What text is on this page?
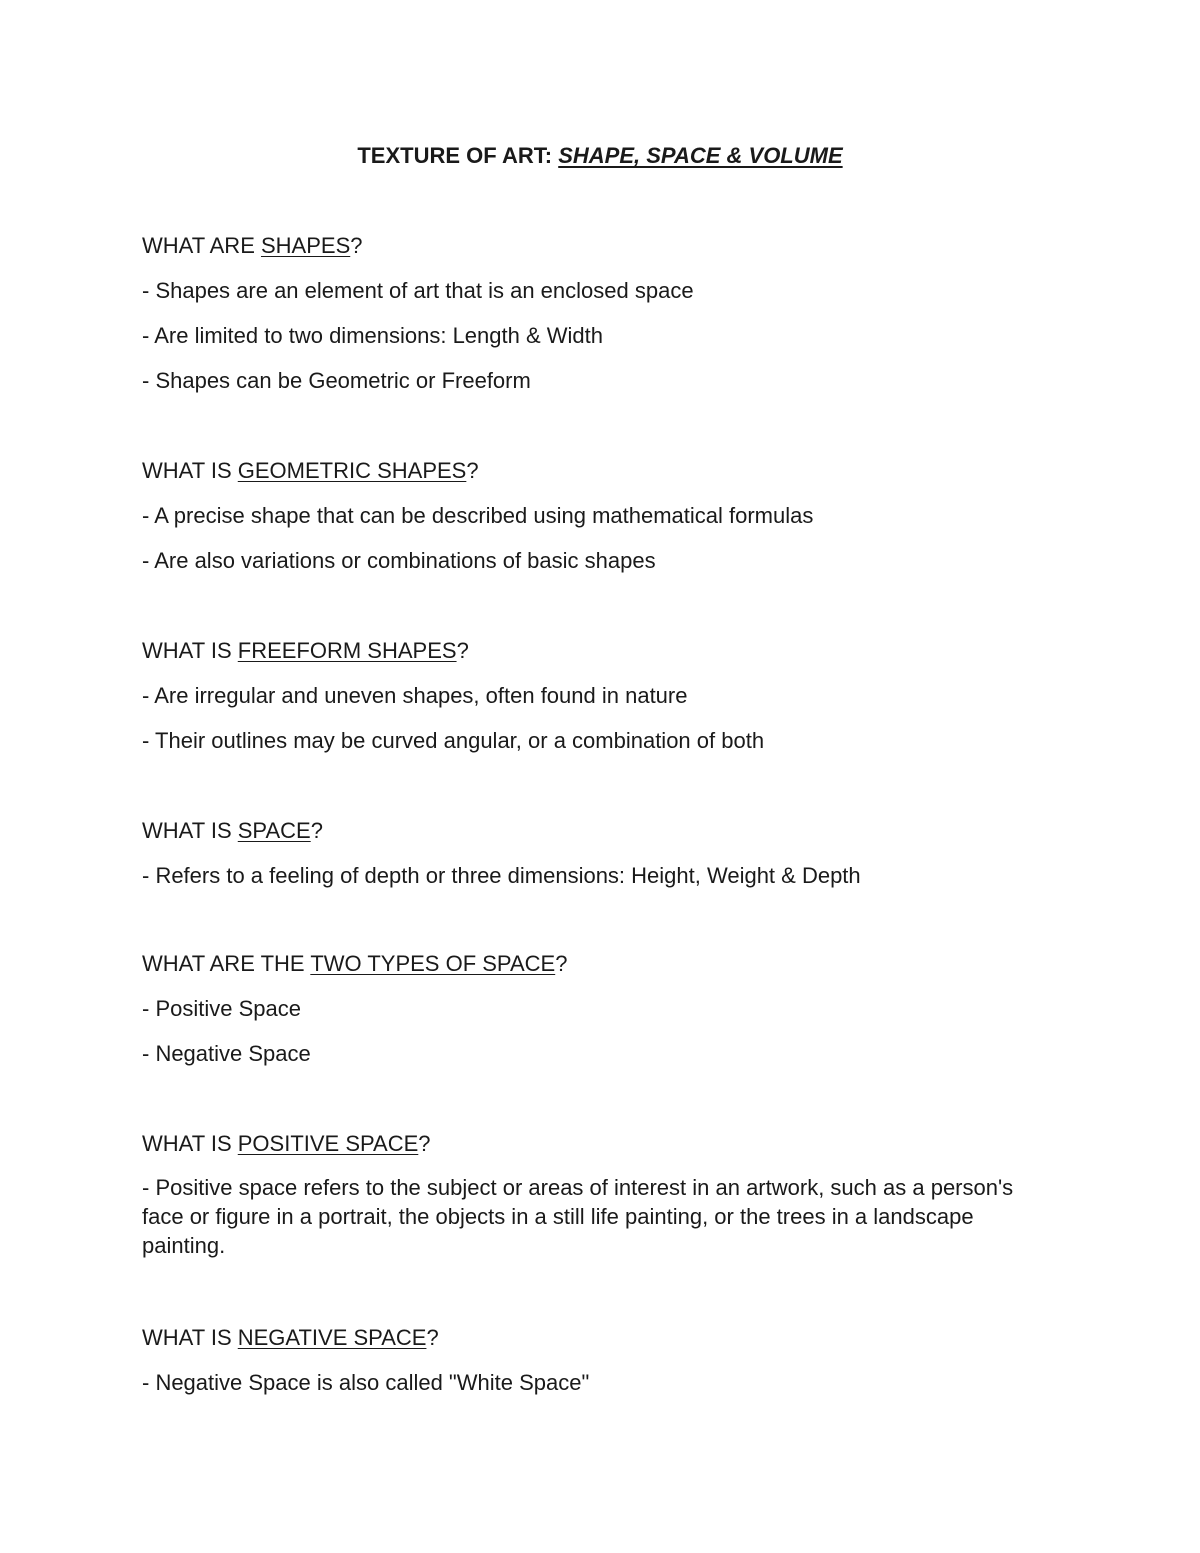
TEXTURE OF ART: SHAPE, SPACE & VOLUME

WHAT ARE SHAPES?

- Shapes are an element of art that is an enclosed space

- Are limited to two dimensions: Length & Width

- Shapes can be Geometric or Freeform

WHAT IS GEOMETRIC SHAPES?

- A precise shape that can be described using mathematical formulas

- Are also variations or combinations of basic shapes

WHAT IS FREEFORM SHAPES?

- Are irregular and uneven shapes, often found in nature

- Their outlines may be curved angular, or a combination of both

WHAT IS SPACE?

- Refers to a feeling of depth or three dimensions: Height, Weight & Depth

WHAT ARE THE TWO TYPES OF SPACE?

- Positive Space

- Negative Space

WHAT IS POSITIVE SPACE?

- Positive space refers to the subject or areas of interest in an artwork, such as a person's face or figure in a portrait, the objects in a still life painting, or the trees in a landscape painting.

WHAT IS NEGATIVE SPACE?

- Negative Space is also called "White Space"
